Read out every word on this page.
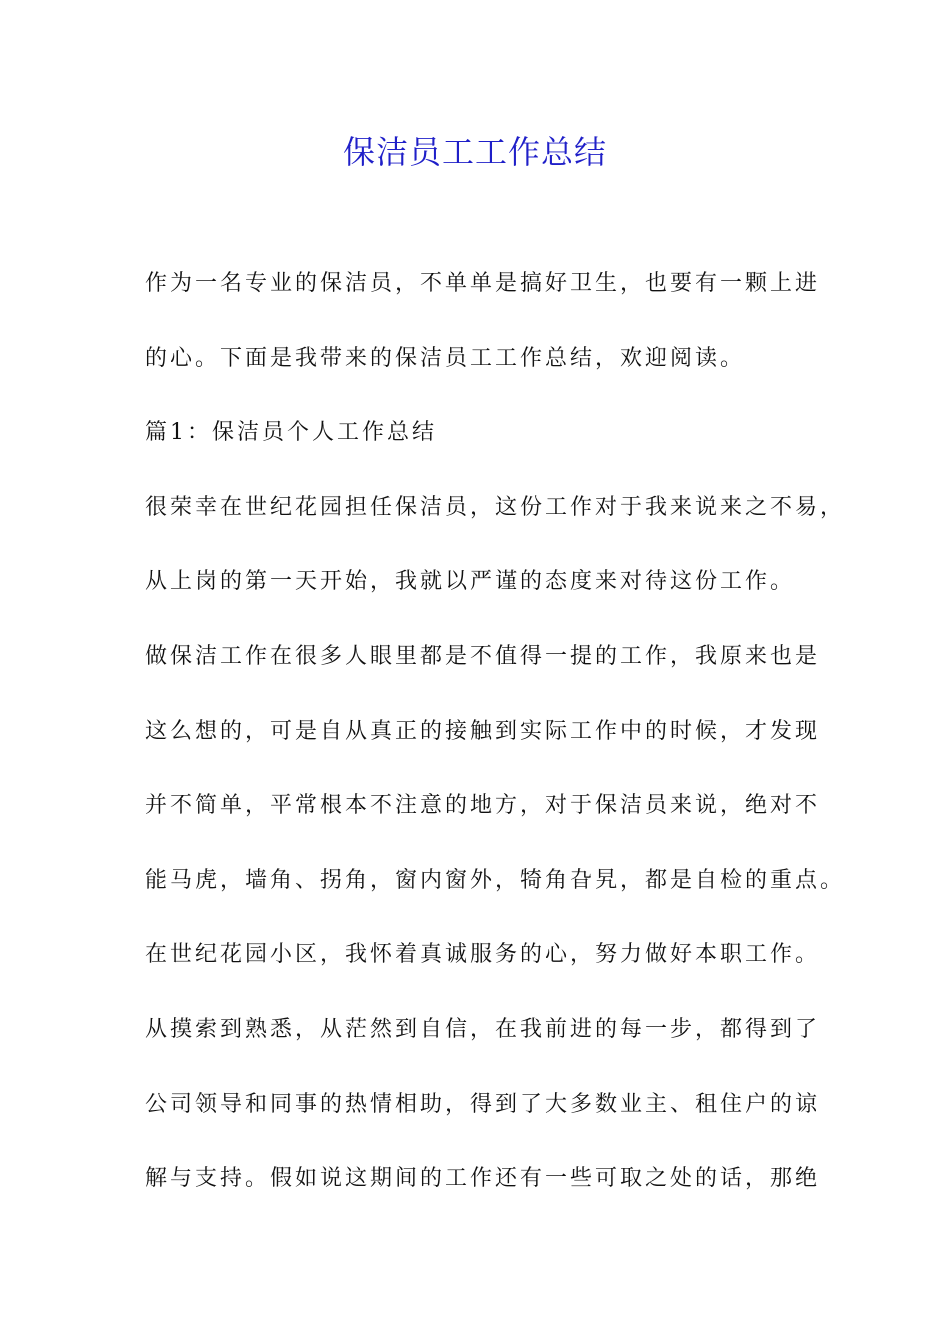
保洁员工工作总结
作为一名专业的保洁员，不单单是搞好卫生，也要有一颗上进
的心。下面是我带来的保洁员工工作总结，欢迎阅读。
篇1：保洁员个人工作总结
很荣幸在世纪花园担任保洁员，这份工作对于我来说来之不易，
从上岗的第一天开始，我就以严谨的态度来对待这份工作。
做保洁工作在很多人眼里都是不值得一提的工作，我原来也是
这么想的，可是自从真正的接触到实际工作中的时候，才发现
并不简单，平常根本不注意的地方，对于保洁员来说，绝对不
能马虎，墙角、拐角，窗内窗外，犄角旮旯，都是自检的重点。
在世纪花园小区，我怀着真诚服务的心，努力做好本职工作。
从摸索到熟悉，从茫然到自信，在我前进的每一步，都得到了
公司领导和同事的热情相助，得到了大多数业主、租住户的谅
解与支持。假如说这期间的工作还有一些可取之处的话，那绝
